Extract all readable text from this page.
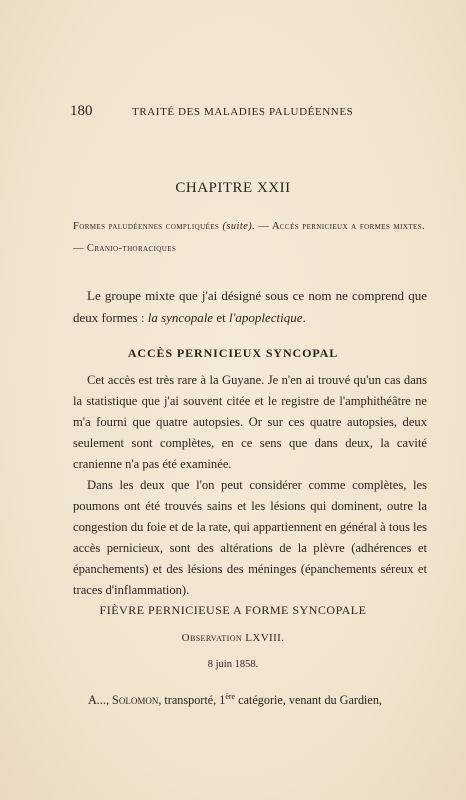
180	TRAITÉ DES MALADIES PALUDÉENNES
CHAPITRE XXII
Formes paludéennes compliquées (suite). — Accès pernicieux a formes mixtes. — Cranio-thoraciques
Le groupe mixte que j'ai désigné sous ce nom ne comprend que deux formes : la syncopale et l'apoplectique.
ACCÈS PERNICIEUX SYNCOPAL

Cet accès est très rare à la Guyane. Je n'en ai trouvé qu'un cas dans la statistique que j'ai souvent citée et le registre de l'amphithéâtre ne m'a fourni que quatre autopsies. Or sur ces quatre autopsies, deux seulement sont complètes, en ce sens que dans deux, la cavité cranienne n'a pas été examinée.

Dans les deux que l'on peut considérer comme complètes, les poumons ont été trouvés sains et les lésions qui dominent, outre la congestion du foie et de la rate, qui appartiennent en général à tous les accès pernicieux, sont des altérations de la plèvre (adhérences et épanchements) et des lésions des méninges (épanchements séreux et traces d'inflammation).

FIÈVRE PERNICIEUSE A FORME SYNCOPALE
Observation LXVIII.
8 juin 1858.
A..., Solomon, transporté, 1ère catégorie, venant du Gardien,
